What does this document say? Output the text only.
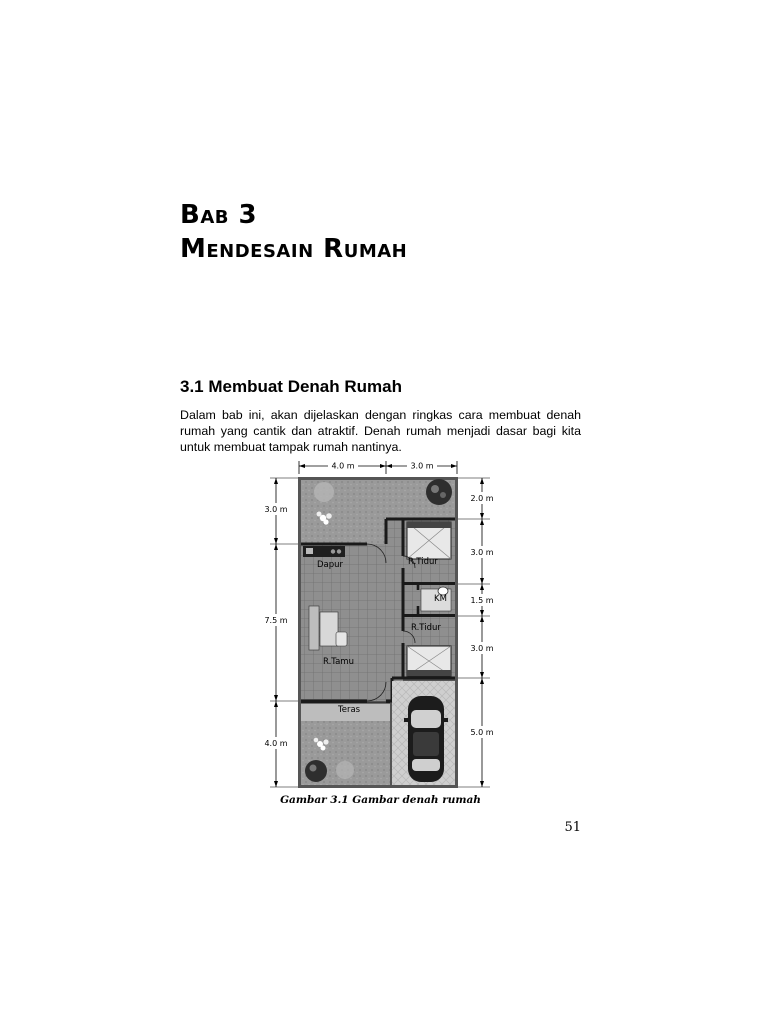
Bab 3
Mendesain Rumah
3.1 Membuat Denah Rumah

Dalam bab ini, akan dijelaskan dengan ringkas cara membuat denah rumah yang cantik dan atraktif. Denah rumah menjadi dasar bagi kita untuk membuat tampak rumah nantinya.

4.0 m	3.0 m
3.0 m
7.5 m
4.0 m
2.0 m
3.0 m
1.5 m
3.0 m
5.0 m
Dapur	R.Tidur
KM
R.Tidur
R.Tamu
Teras

Gambar 3.1 Gambar denah rumah

51
